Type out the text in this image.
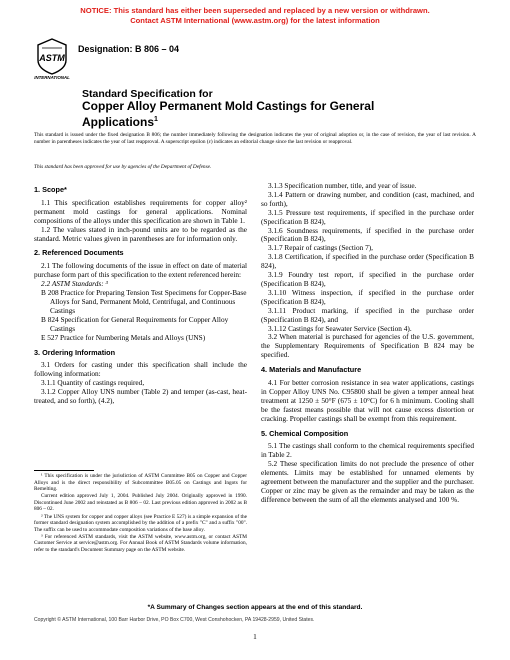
NOTICE: This standard has either been superseded and replaced by a new version or withdrawn.
Contact ASTM International (www.astm.org) for the latest information
ASTM
INTERNATIONAL
Designation: B 806 – 04
Standard Specification for
Copper Alloy Permanent Mold Castings for General
Applications$^1$
This standard is issued under the fixed designation B 806; the number immediately following the designation indicates the year of original adoption or, in the case of revision, the year of last revision. A number in parentheses indicates the year of last reapproval. A superscript epsilon (ε) indicates an editorial change since the last revision or reapproval.
This standard has been approved for use by agencies of the Department of Defense.
1. Scope*

1.1 This specification establishes requirements for copper alloy² permanent mold castings for general applications. Nominal compositions of the alloys under this specification are shown in Table 1.

1.2 The values stated in inch-pound units are to be regarded as the standard. Metric values given in parentheses are for information only.

2. Referenced Documents

2.1 The following documents of the issue in effect on date of material purchase form part of this specification to the extent referenced herein:

2.2 ASTM Standards: ³

B 208 Practice for Preparing Tension Test Specimens for Copper-Base Alloys for Sand, Permanent Mold, Centrifugal, and Continuous Castings

B 824 Specification for General Requirements for Copper Alloy Castings

E 527 Practice for Numbering Metals and Alloys (UNS)

3. Ordering Information

3.1 Orders for casting under this specification shall include the following information:

3.1.1 Quantity of castings required,

3.1.2 Copper Alloy UNS number (Table 2) and temper (as-cast, heat-treated, and so forth), (4.2),

¹ This specification is under the jurisdiction of ASTM Committee B05 on Copper and Copper Alloys and is the direct responsibility of Subcommittee B05.05 on Castings and Ingots for Remelting.

Current edition approved July 1, 2004. Published July 2004. Originally approved in 1990. Discontinued June 2002 and reinstated as B 806 – 02. Last previous edition approved in 2002 as B 806 – 02.

² The UNS system for copper and copper alloys (see Practice E 527) is a simple expansion of the former standard designation system accomplished by the addition of a prefix "C" and a suffix "00". The suffix can be used to accommodate composition variations of the base alloy.

³ For referenced ASTM standards, visit the ASTM website, www.astm.org, or contact ASTM Customer Service at service@astm.org. For Annual Book of ASTM Standards volume information, refer to the standard's Document Summary page on the ASTM website.

3.1.3 Specification number, title, and year of issue.

3.1.4 Pattern or drawing number, and condition (cast, machined, and so forth),

3.1.5 Pressure test requirements, if specified in the purchase order (Specification B 824),

3.1.6 Soundness requirements, if specified in the purchase order (Specification B 824),

3.1.7 Repair of castings (Section 7),

3.1.8 Certification, if specified in the purchase order (Specification B 824),

3.1.9 Foundry test report, if specified in the purchase order (Specification B 824),

3.1.10 Witness inspection, if specified in the purchase order (Specification B 824),

3.1.11 Product marking, if specified in the purchase order (Specification B 824), and

3.1.12 Castings for Seawater Service (Section 4).

3.2 When material is purchased for agencies of the U.S. government, the Supplementary Requirements of Specification B 824 may be specified.

4. Materials and Manufacture

4.1 For better corrosion resistance in sea water applications, castings in Copper Alloy UNS No. C95800 shall be given a temper anneal heat treatment at 1250 ± 50°F (675 ± 10°C) for 6 h minimum. Cooling shall be the fastest means possible that will not cause excess distortion or cracking. Propeller castings shall be exempt from this requirement.

5. Chemical Composition

5.1 The castings shall conform to the chemical requirements specified in Table 2.

5.2 These specification limits do not preclude the presence of other elements. Limits may be established for unnamed elements by agreement between the manufacturer and the supplier and the purchaser. Copper or zinc may be given as the remainder and may be taken as the difference between the sum of all the elements analysed and 100 %.

*A Summary of Changes section appears at the end of this standard.
Copyright © ASTM International, 100 Barr Harbor Drive, PO Box C700, West Conshohocken, PA 19428-2959, United States.
1
